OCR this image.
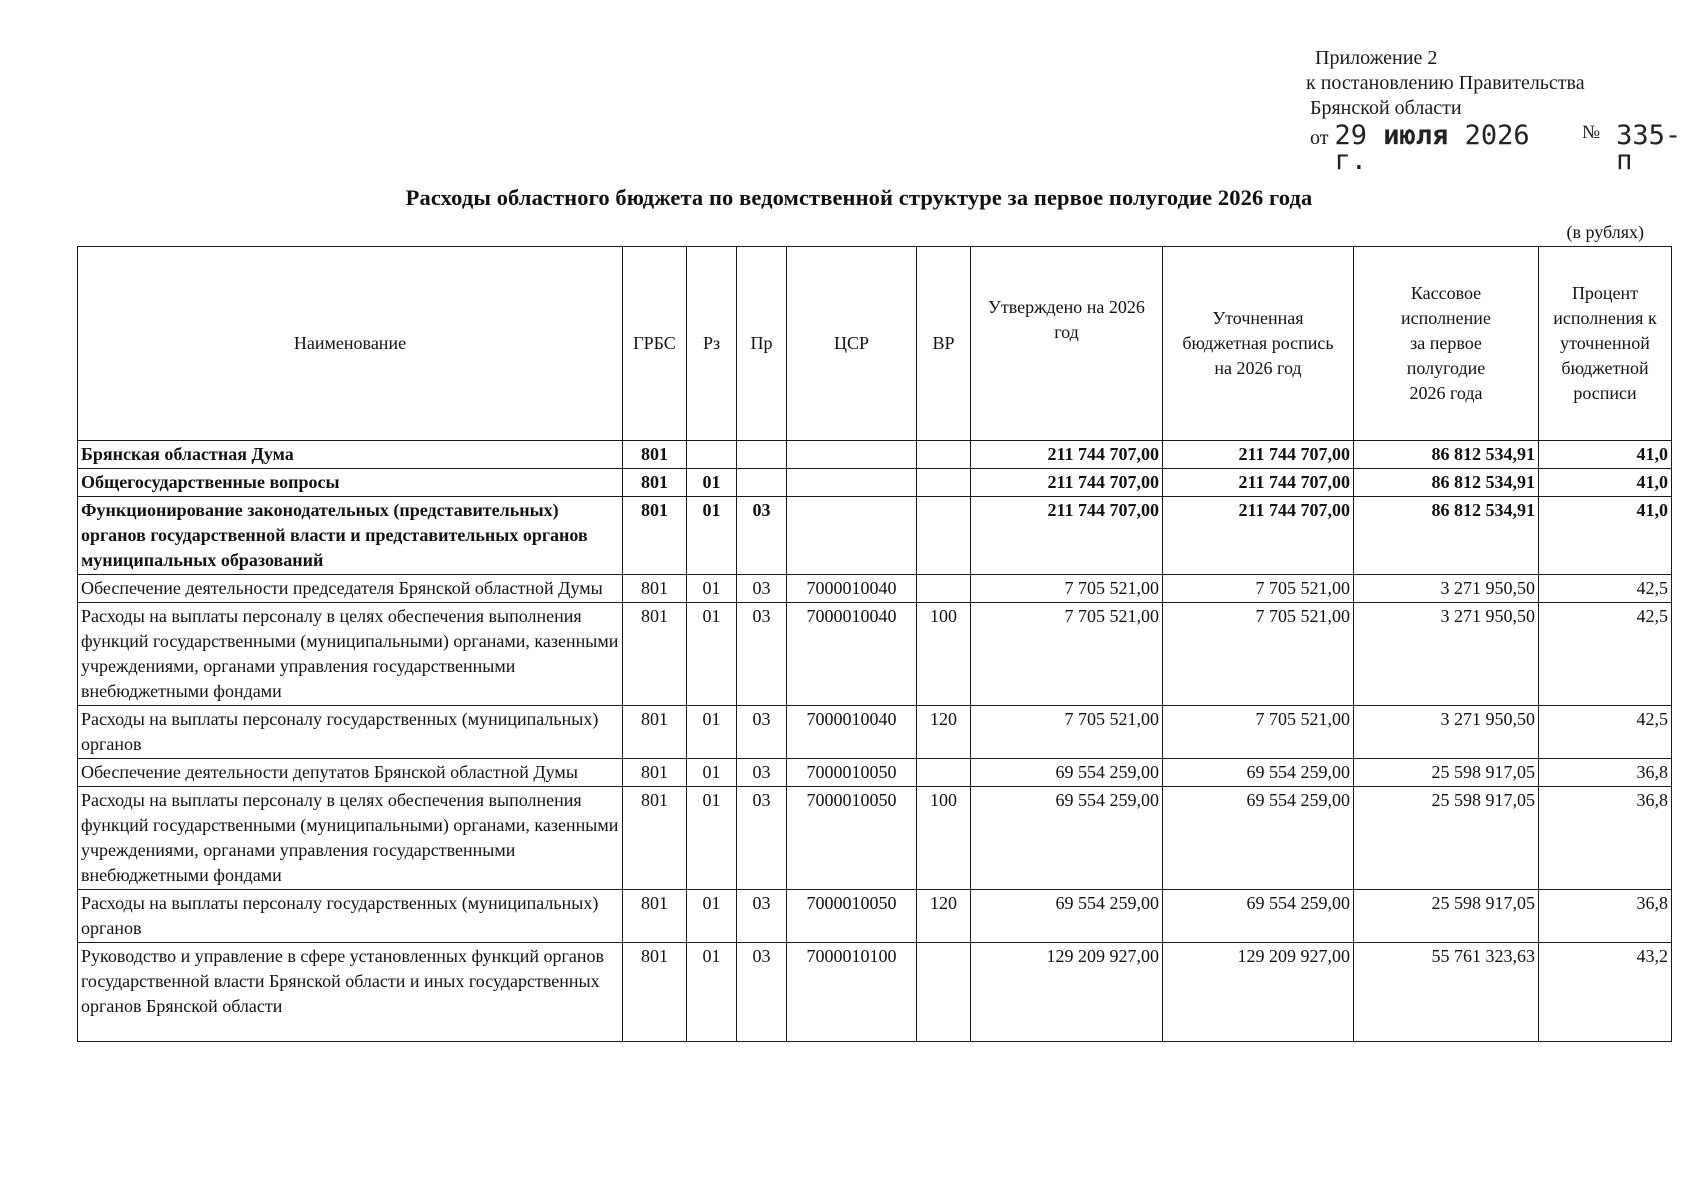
Приложение 2
к постановлению Правительства
Брянской области
от 29 июля 2026 г.
№ 335-п
Расходы областного бюджета по ведомственной структуре за первое полугодие 2026 года
(в рублях)
Наименование	ГРБС	Рз	Пр	ЦСР	ВР	Утверждено на 2026 год	Уточненная бюджетная роспись на 2026 год	Кассовое исполнение за первое полугодие 2026 года	Процент исполнения к уточненной бюджетной росписи
Брянская областная Дума	801					211 744 707,00	211 744 707,00	86 812 534,91	41,0
Общегосударственные вопросы	801	01				211 744 707,00	211 744 707,00	86 812 534,91	41,0
Функционирование законодательных (представительных) органов государственной власти и представительных органов муниципальных образований	801	01	03			211 744 707,00	211 744 707,00	86 812 534,91	41,0
Обеспечение деятельности председателя Брянской областной Думы	801	01	03	7000010040		7 705 521,00	7 705 521,00	3 271 950,50	42,5
Расходы на выплаты персоналу в целях обеспечения выполнения функций государственными (муниципальными) органами, казенными учреждениями, органами управления государственными внебюджетными фондами	801	01	03	7000010040	100	7 705 521,00	7 705 521,00	3 271 950,50	42,5
Расходы на выплаты персоналу государственных (муниципальных) органов	801	01	03	7000010040	120	7 705 521,00	7 705 521,00	3 271 950,50	42,5
Обеспечение деятельности депутатов Брянской областной Думы	801	01	03	7000010050		69 554 259,00	69 554 259,00	25 598 917,05	36,8
Расходы на выплаты персоналу в целях обеспечения выполнения функций государственными (муниципальными) органами, казенными учреждениями, органами управления государственными внебюджетными фондами	801	01	03	7000010050	100	69 554 259,00	69 554 259,00	25 598 917,05	36,8
Расходы на выплаты персоналу государственных (муниципальных) органов	801	01	03	7000010050	120	69 554 259,00	69 554 259,00	25 598 917,05	36,8
Руководство и управление в сфере установленных функций органов государственной власти Брянской области и иных государственных органов Брянской области	801	01	03	7000010100		129 209 927,00	129 209 927,00	55 761 323,63	43,2
